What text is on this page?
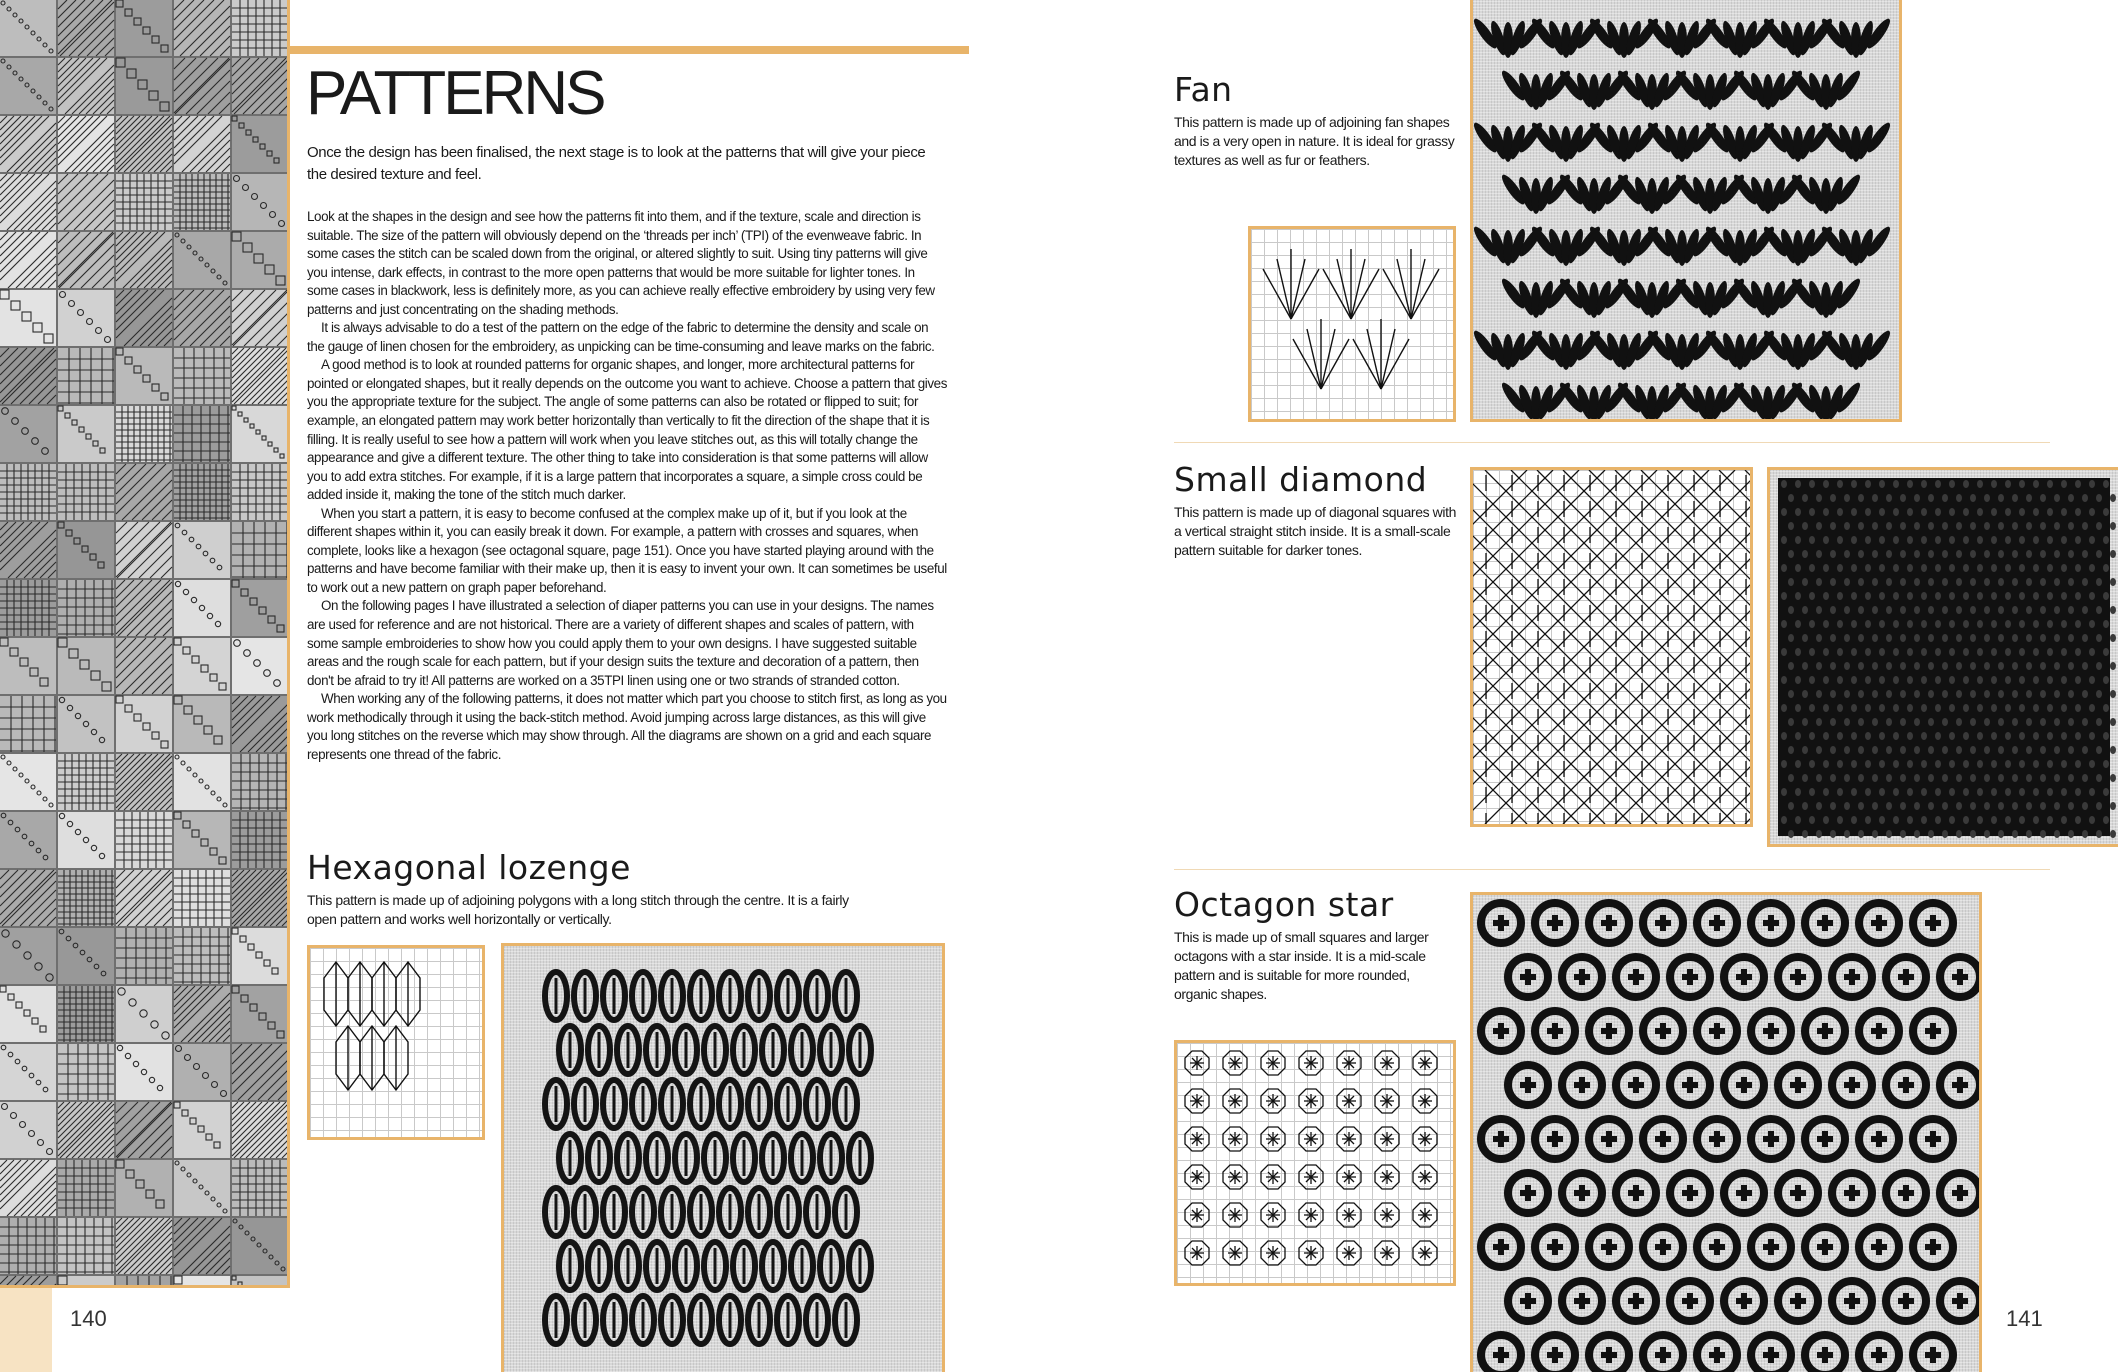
PATTERNS
Once the design has been finalised, the next stage is to look at the patterns that will give your piece the desired texture and feel.

Look at the shapes in the design and see how the patterns fit into them, and if the texture, scale and direction is suitable. The size of the pattern will obviously depend on the ‘threads per inch’ (TPI) of the evenweave fabric. In some cases the stitch can be scaled down from the original, or altered slightly to suit. Using tiny patterns will give you intense, dark effects, in contrast to the more open patterns that would be more suitable for lighter tones. In some cases in blackwork, less is definitely more, as you can achieve really effective embroidery by using very few patterns and just concentrating on the shading methods.

It is always advisable to do a test of the pattern on the edge of the fabric to determine the density and scale on the gauge of linen chosen for the embroidery, as unpicking can be time-consuming and leave marks on the fabric.

A good method is to look at rounded patterns for organic shapes, and longer, more architectural patterns for pointed or elongated shapes, but it really depends on the outcome you want to achieve. Choose a pattern that gives you the appropriate texture for the subject. The angle of some patterns can also be rotated or flipped to suit; for example, an elongated pattern may work better horizontally than vertically to fit the direction of the shape that it is filling. It is really useful to see how a pattern will work when you leave stitches out, as this will totally change the appearance and give a different texture. The other thing to take into consideration is that some patterns will allow you to add extra stitches. For example, if it is a large pattern that incorporates a square, a simple cross could be added inside it, making the tone of the stitch much darker.

When you start a pattern, it is easy to become confused at the complex make up of it, but if you look at the different shapes within it, you can easily break it down. For example, a pattern with crosses and squares, when complete, looks like a hexagon (see octagonal square, page 151). Once you have started playing around with the patterns and have become familiar with their make up, then it is easy to invent your own. It can sometimes be useful to work out a new pattern on graph paper beforehand.

On the following pages I have illustrated a selection of diaper patterns you can use in your designs. The names are used for reference and are not historical. There are a variety of different shapes and scales of pattern, with some sample embroideries to show how you could apply them to your own designs. I have suggested suitable areas and the rough scale for each pattern, but if your design suits the texture and decoration of a pattern, then don't be afraid to try it! All patterns are worked on a 35TPI linen using one or two strands of stranded cotton.

When working any of the following patterns, it does not matter which part you choose to stitch first, as long as you work methodically through it using the back-stitch method. Avoid jumping across large distances, as this will give you long stitches on the reverse which may show through. All the diagrams are shown on a grid and each square represents one thread of the fabric.

Hexagonal lozenge
This pattern is made up of adjoining polygons with a long stitch through the centre. It is a fairly open pattern and works well horizontally or vertically.
140
Fan
This pattern is made up of adjoining fan shapes and is a very open in nature. It is ideal for grassy textures as well as fur or feathers.
Small diamond
This pattern is made up of diagonal squares with a vertical straight stitch inside. It is a small-scale pattern suitable for darker tones.
Octagon star
This is made up of small squares and larger octagons with a star inside. It is a mid-scale pattern and is suitable for more rounded, organic shapes.
141
